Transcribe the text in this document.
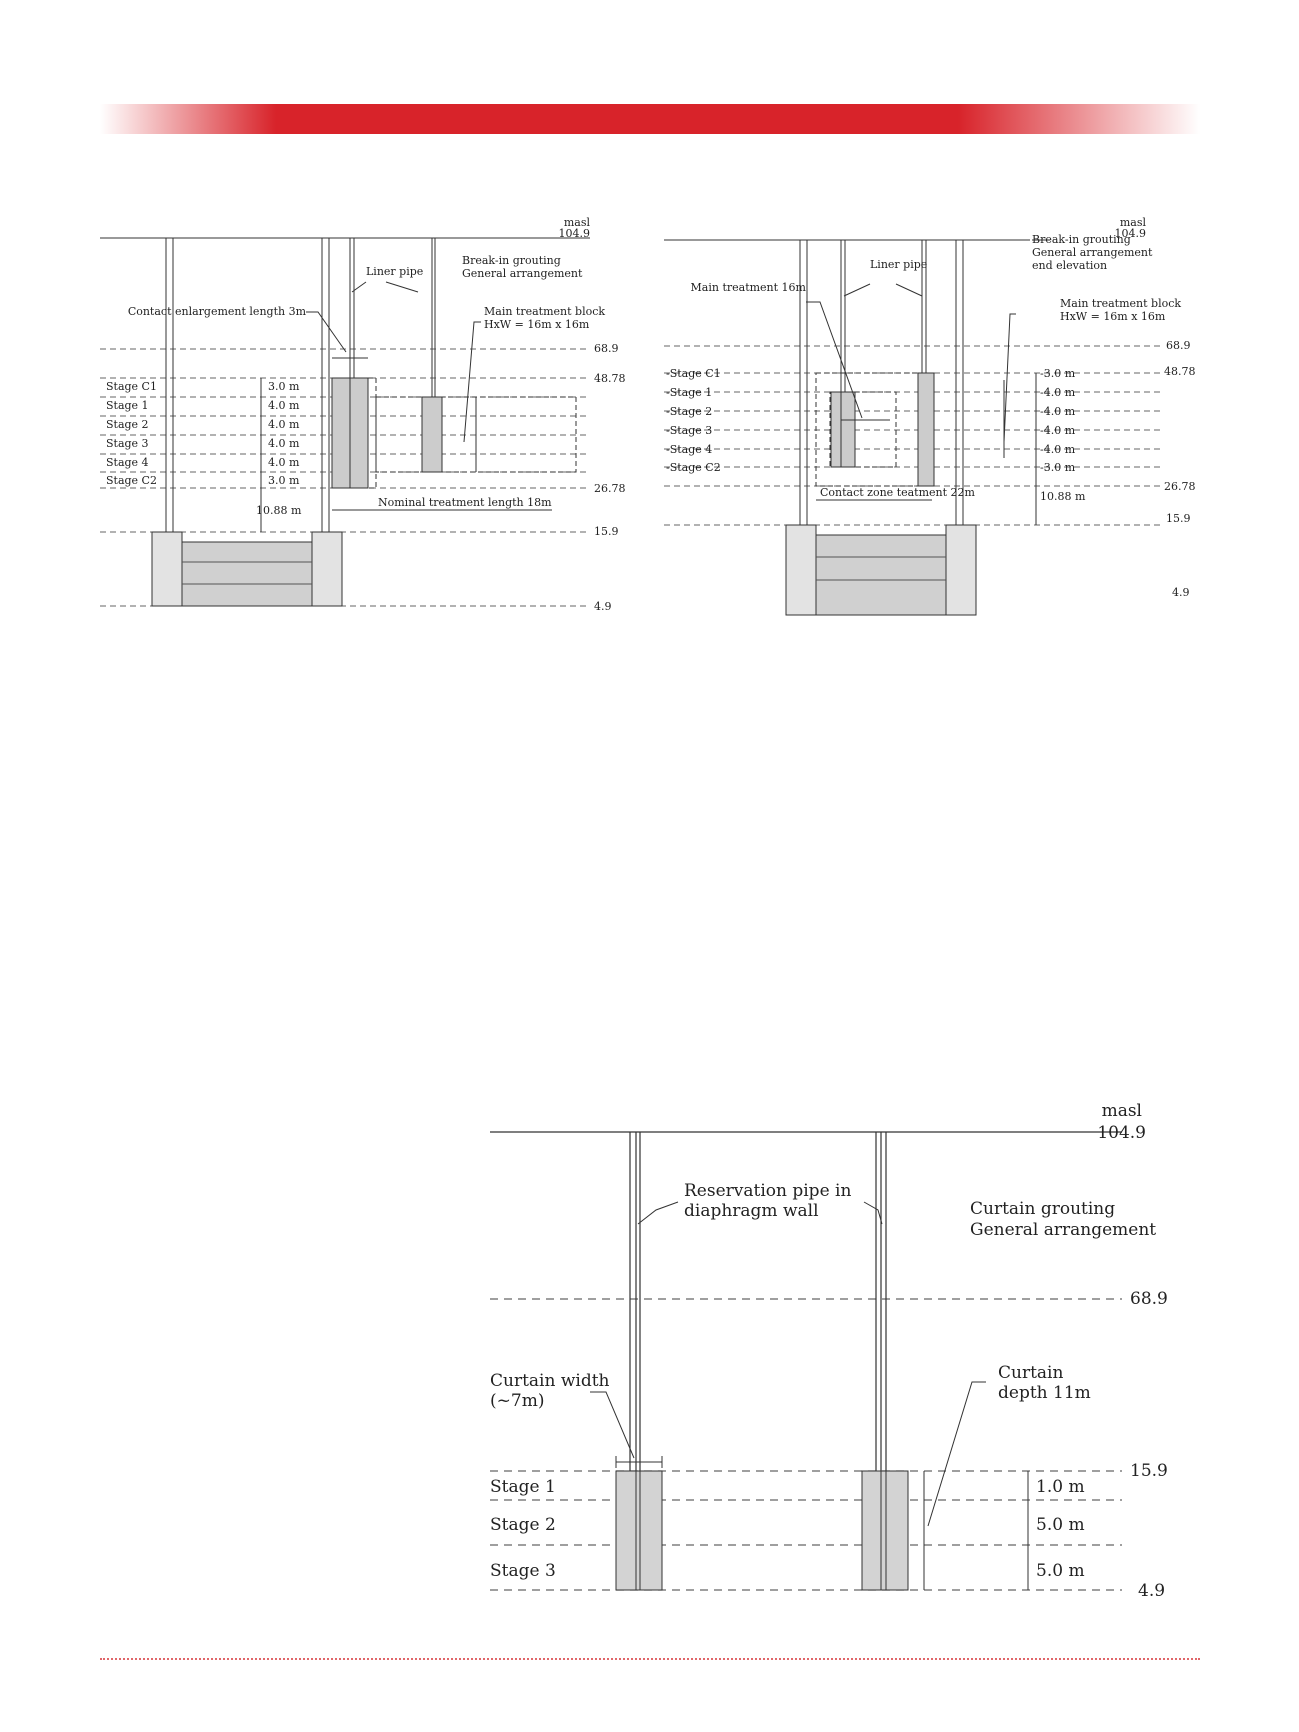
masl
104.9
Break-in grouting
General arrangement
Liner pipe
Contact enlargement length 3m	Main treatment block
HxW = 16m x 16m
68.9
48.78
26.78
15.9
4.9
Stage C1
Stage 1
Stage 2
Stage 3
Stage 4
Stage C2
3.0 m
4.0 m
4.0 m
4.0 m
4.0 m
3.0 m
10.88 m
Nominal treatment length 18m
masl
104.9
Break-in grouting
General arrangement
end elevation
Liner pipe
Main treatment 16m
Main treatment block
HxW = 16m x 16m
68.9
48.78
26.78
15.9
4.9
-Stage C1
-Stage 1
-Stage 2
-Stage 3
-Stage 4
-Stage C2
-3.0 m
-4.0 m
-4.0 m
-4.0 m
-4.0 m
-3.0 m
10.88 m
Contact zone teatment 22m
masl
104.9
Reservation pipe in
diaphragm wall	Curtain grouting
General arrangement
Curtain width
(~7m)
Curtain
depth 11m
68.9
15.9
4.9
Stage 1
Stage 2
Stage 3
1.0 m
5.0 m
5.0 m
